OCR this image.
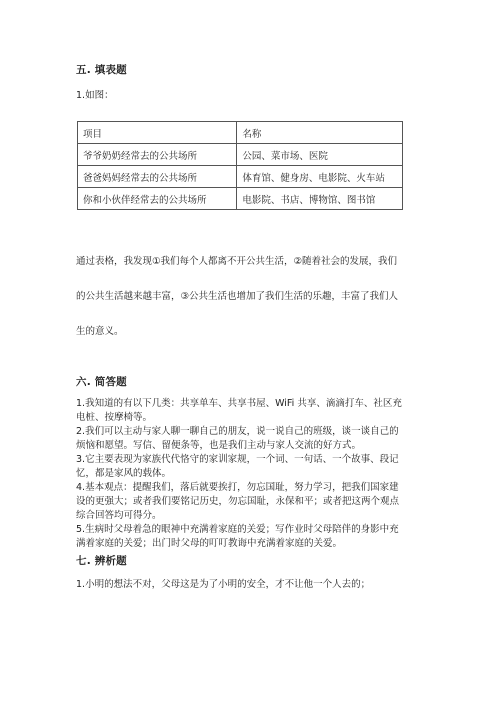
五. 填表题
1.如图：
项目	名称
爷爷奶奶经常去的公共场所	公园、菜市场、医院
爸爸妈妈经常去的公共场所	体育馆、健身房、电影院、火车站
你和小伙伴经常去的公共场所	电影院、书店、博物馆、图书馆
通过表格，我发现①我们每个人都离不开公共生活，②随着社会的发展，我们
的公共生活越来越丰富，③公共生活也增加了我们生活的乐趣，丰富了我们人
生的意义。
六. 简答题
1.我知道的有以下几类：共享单车、共享书屋、WiFi 共享、滴滴打车、社区充
电桩、按摩椅等。
2.我们可以主动与家人聊一聊自己的朋友，说一说自己的班级，谈一谈自己的
烦恼和愿望。写信、留便条等，也是我们主动与家人交流的好方式。
3.它主要表现为家族代代恪守的家训家规，一个词、一句话、一个故事、段记
忆，都是家风的载体。
4.基本观点：提醒我们，落后就要挨打，勿忘国耻，努力学习，把我们国家建
设的更强大；或者我们要铭记历史，勿忘国耻，永保和平；或者把这两个观点
综合回答均可得分。
5.生病时父母着急的眼神中充满着家庭的关爱；写作业时父母陪伴的身影中充
满着家庭的关爱；出门时父母的叮叮教诲中充满着家庭的关爱。
七. 辨析题
1.小明的想法不对，父母这是为了小明的安全，才不让他一个人去的；
